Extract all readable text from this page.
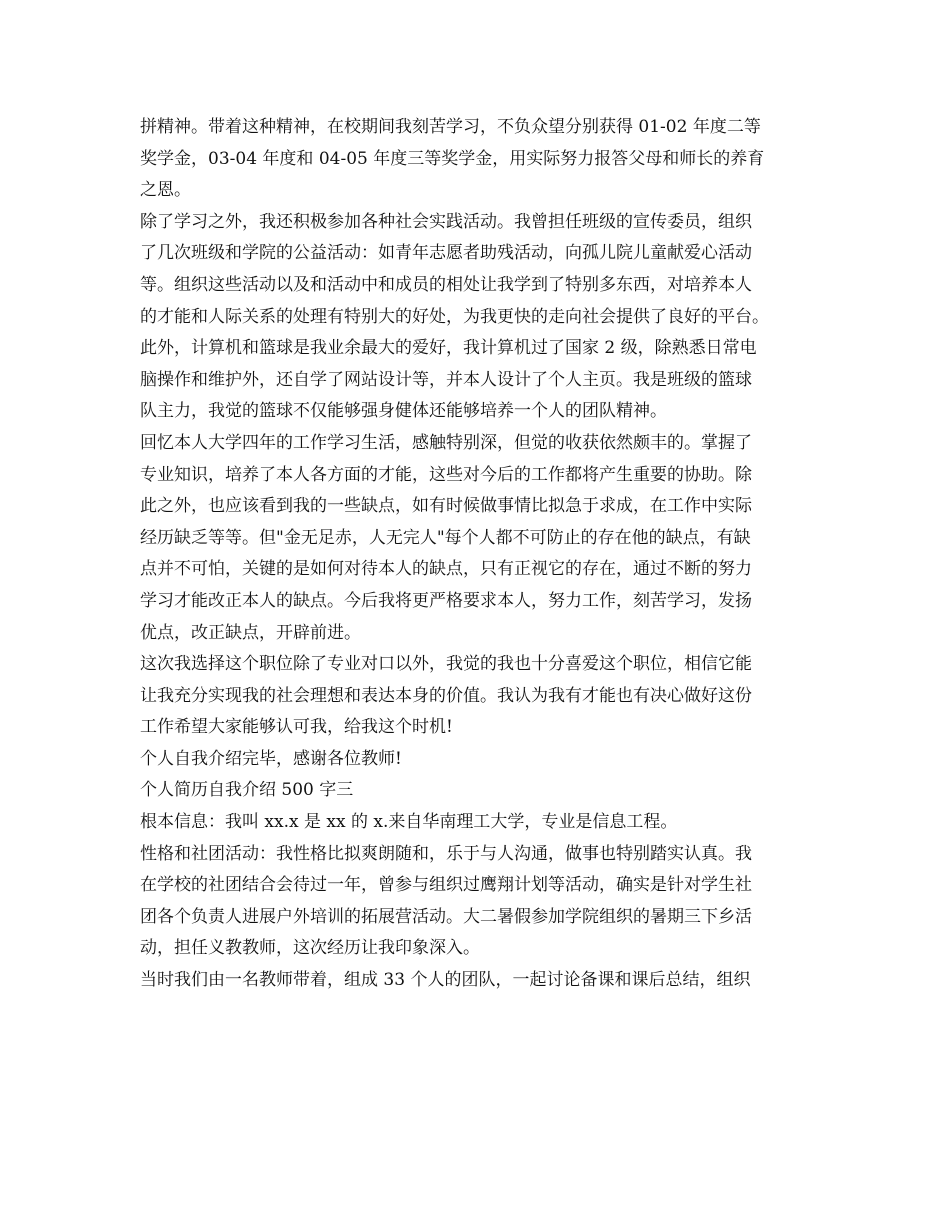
拼精神。带着这种精神，在校期间我刻苦学习，不负众望分别获得 01-02 年度二等
奖学金，03-04 年度和 04-05 年度三等奖学金，用实际努力报答父母和师长的养育
之恩。

除了学习之外，我还积极参加各种社会实践活动。我曾担任班级的宣传委员，组织
了几次班级和学院的公益活动：如青年志愿者助残活动，向孤儿院儿童献爱心活动
等。组织这些活动以及和活动中和成员的相处让我学到了特别多东西，对培养本人
的才能和人际关系的处理有特别大的好处，为我更快的走向社会提供了良好的平台。

此外，计算机和篮球是我业余最大的爱好，我计算机过了国家 2 级，除熟悉日常电
脑操作和维护外，还自学了网站设计等，并本人设计了个人主页。我是班级的篮球
队主力，我觉的篮球不仅能够强身健体还能够培养一个人的团队精神。

回忆本人大学四年的工作学习生活，感触特别深，但觉的收获依然颇丰的。掌握了
专业知识，培养了本人各方面的才能，这些对今后的工作都将产生重要的协助。除
此之外，也应该看到我的一些缺点，如有时候做事情比拟急于求成，在工作中实际
经历缺乏等等。但"金无足赤，人无完人"每个人都不可防止的存在他的缺点，有缺
点并不可怕，关键的是如何对待本人的缺点，只有正视它的存在，通过不断的努力
学习才能改正本人的缺点。今后我将更严格要求本人，努力工作，刻苦学习，发扬
优点，改正缺点，开辟前进。

这次我选择这个职位除了专业对口以外，我觉的我也十分喜爱这个职位，相信它能
让我充分实现我的社会理想和表达本身的价值。我认为我有才能也有决心做好这份
工作希望大家能够认可我，给我这个时机!

个人自我介绍完毕，感谢各位教师!

个人简历自我介绍 500 字三

根本信息：我叫 xx.x 是 xx 的 x.来自华南理工大学，专业是信息工程。

性格和社团活动：我性格比拟爽朗随和，乐于与人沟通，做事也特别踏实认真。我
在学校的社团结合会待过一年，曾参与组织过鹰翔计划等活动，确实是针对学生社
团各个负责人进展户外培训的拓展营活动。大二暑假参加学院组织的暑期三下乡活
动，担任义教教师，这次经历让我印象深入。

当时我们由一名教师带着，组成 33 个人的团队，一起讨论备课和课后总结，组织
